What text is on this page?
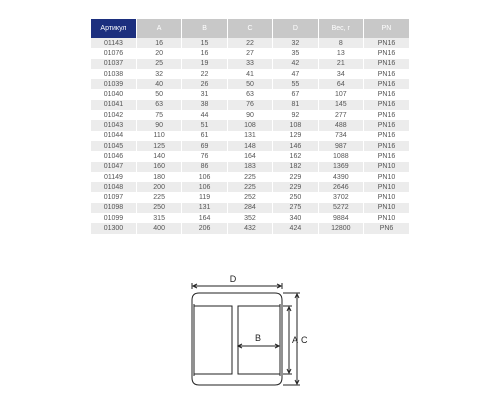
Артикул	A	B	C	D	Вес, г	PN
01143	16	15	22	32	8	PN16
01076	20	16	27	35	13	PN16
01037	25	19	33	42	21	PN16
01038	32	22	41	47	34	PN16
01039	40	26	50	55	64	PN16
01040	50	31	63	67	107	PN16
01041	63	38	76	81	145	PN16
01042	75	44	90	92	277	PN16
01043	90	51	108	108	488	PN16
01044	110	61	131	129	734	PN16
01045	125	69	148	146	987	PN16
01046	140	76	164	162	1088	PN16
01047	160	86	183	182	1369	PN10
01149	180	106	225	229	4390	PN10
01048	200	106	225	229	2646	PN10
01097	225	119	252	250	3702	PN10
01098	250	131	284	275	5272	PN10
01099	315	164	352	340	9884	PN10
01300	400	206	432	424	12800	PN6
D
B	A C
